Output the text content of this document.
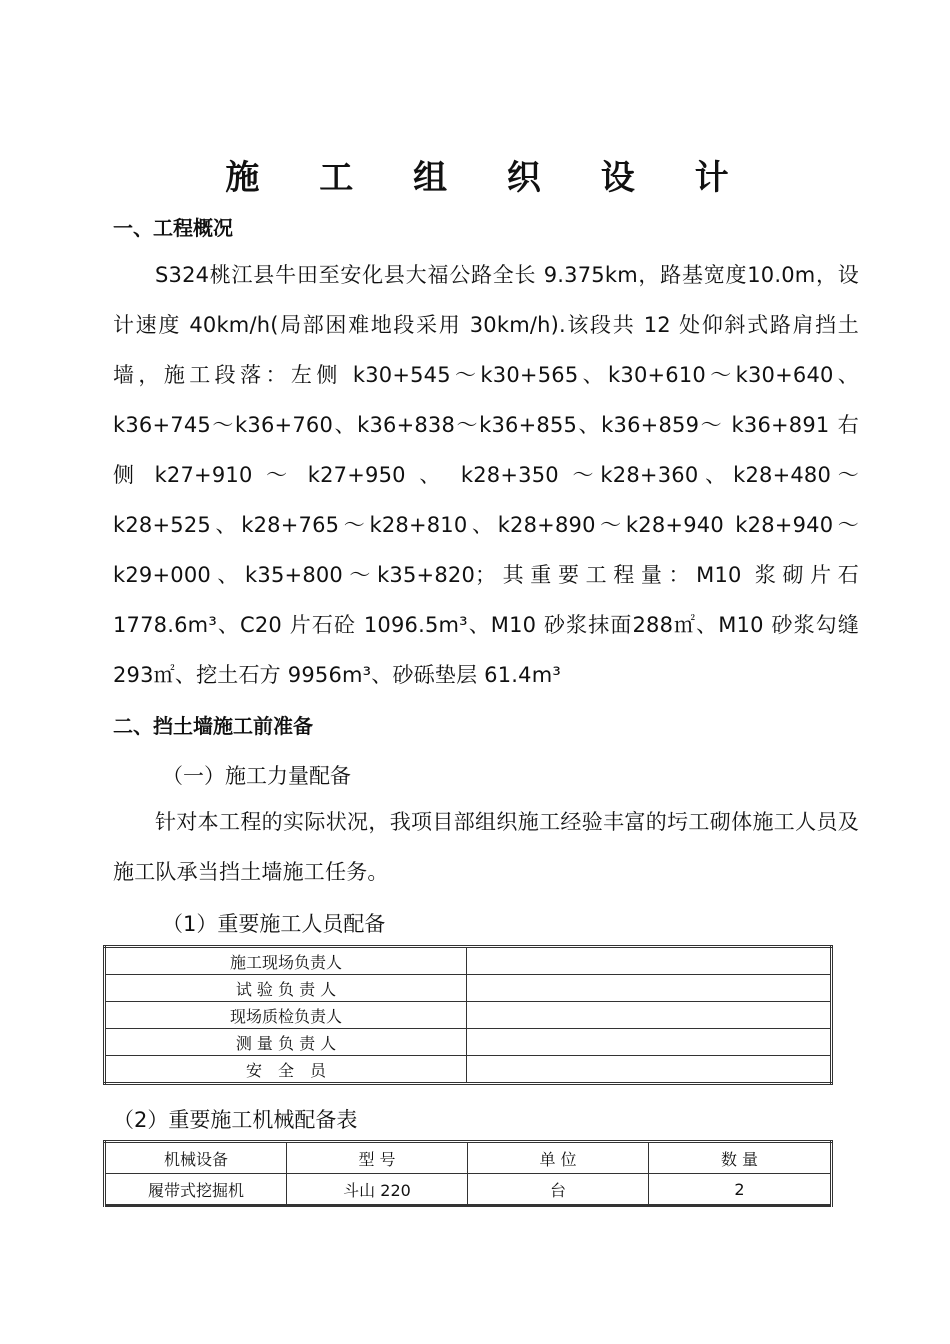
施 工 组 织 设 计
一、工程概况
S324桃江县牛田至安化县大福公路全长 9.375km，路基宽度10.0m，设计速度 40km/h(局部困难地段采用 30km/h).该段共 12 处仰斜式路肩挡土墙，施工段落：左侧 k30+545～k30+565、k30+610～k30+640、k36+745～k36+760、k36+838～k36+855、k36+859～ k36+891 右侧 k27+910 ～ k27+950 、 k28+350 ～k28+360、k28+480～k28+525、k28+765～k28+810、k28+890～k28+940 k28+940～k29+000、k35+800～k35+820；其重要工程量：M10 浆砌片石 1778.6m³、C20 片石砼 1096.5m³、M10 砂浆抹面288㎡、M10 砂浆勾缝 293㎡、挖土石方 9956m³、砂砾垫层 61.4m³
二、挡土墙施工前准备
（一）施工力量配备
针对本工程的实际状况，我项目部组织施工经验丰富的圬工砌体施工人员及施工队承当挡土墙施工任务。
（1）重要施工人员配备
施工现场负责人	
试 验 负 责 人	
现场质检负责人	
测 量 负 责 人	
安　全　员	
（2）重要施工机械配备表
机械设备	型 号	单 位	数 量
履带式挖掘机	斗山 220	台	2
